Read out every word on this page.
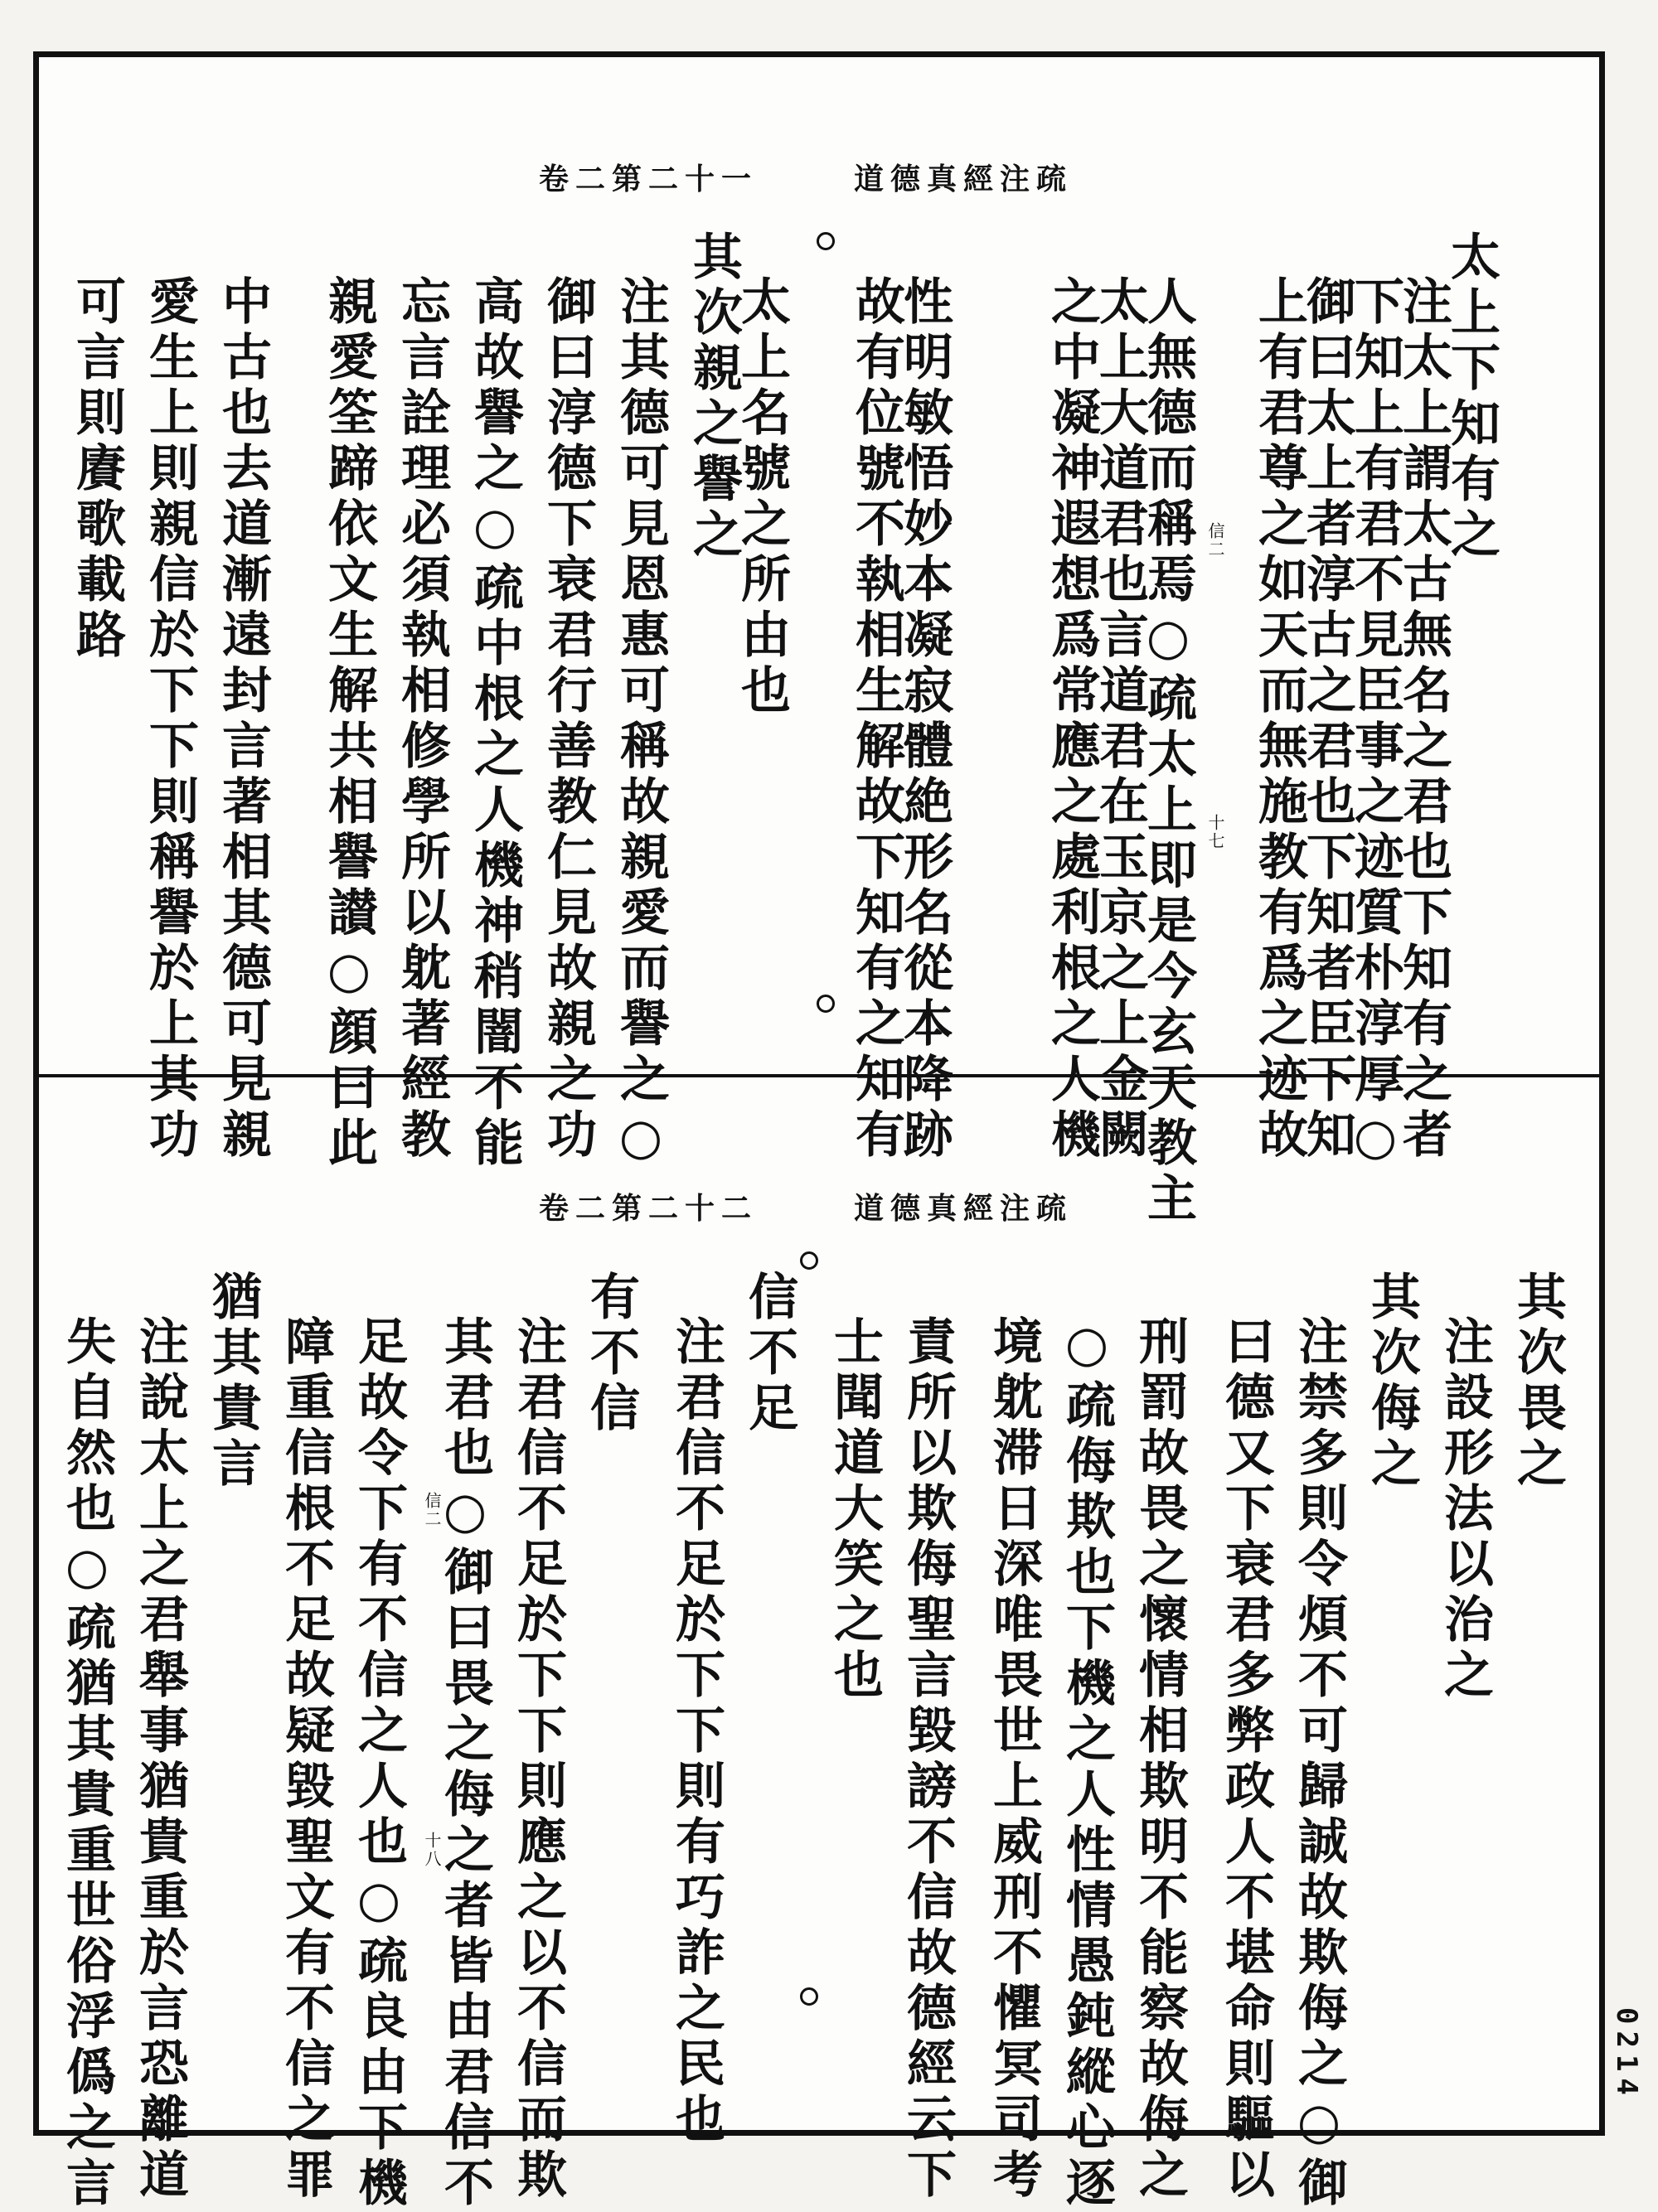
卷二第二十一	道德真經注疏
太上下知有之
注太上謂太古無名之君也下知有之者
下知上有君不見臣事之迹質朴淳厚○
御曰太上者淳古之君也下知者臣下知
上有君尊之如天而無施教有爲之迹故
人無德而稱焉○疏太上即是今玄天教主
太上大道君也言道君在玉京之上金闕
之中凝神遐想爲常應之處利根之人機
性明敏悟妙本凝寂體絶形名從本降跡
故有位號不執相生解故下知有之知有
太上名號之所由也
其次親之譽之
注其德可見恩惠可稱故親愛而譽之○
御曰淳德下衰君行善教仁見故親之功
高故譽之○疏中根之人機神稍闇不能
忘言詮理必須執相修學所以躭著經教
親愛筌蹄依文生解共相譽讃○顔曰此
中古也去道漸遠封言著相其德可見親
愛生上則親信於下下則稱譽於上其功
可言則賡歌載路	信二
十七
卷二第二十二	道德真經注疏
其次畏之
注設形法以治之
其次侮之
注禁多則令煩不可歸誠故欺侮之○御
曰德又下衰君多弊政人不堪命則驅以
刑罰故畏之懷情相欺明不能察故侮之
○疏侮欺也下機之人性情愚鈍縱心逐
境躭滞日深唯畏世上威刑不懼冥司考
責所以欺侮聖言毀謗不信故德經云下
士聞道大笑之也
信不足
注君信不足於下下則有巧詐之民也
有不信
注君信不足於下下則應之以不信而欺
其君也○御曰畏之侮之者皆由君信不
足故令下有不信之人也○疏良由下機
障重信根不足故疑毀聖文有不信之罪
猶其貴言
注說太上之君舉事猶貴重於言恐離道
失自然也○疏猶其貴重世俗浮僞之言	信二
十八
0214
